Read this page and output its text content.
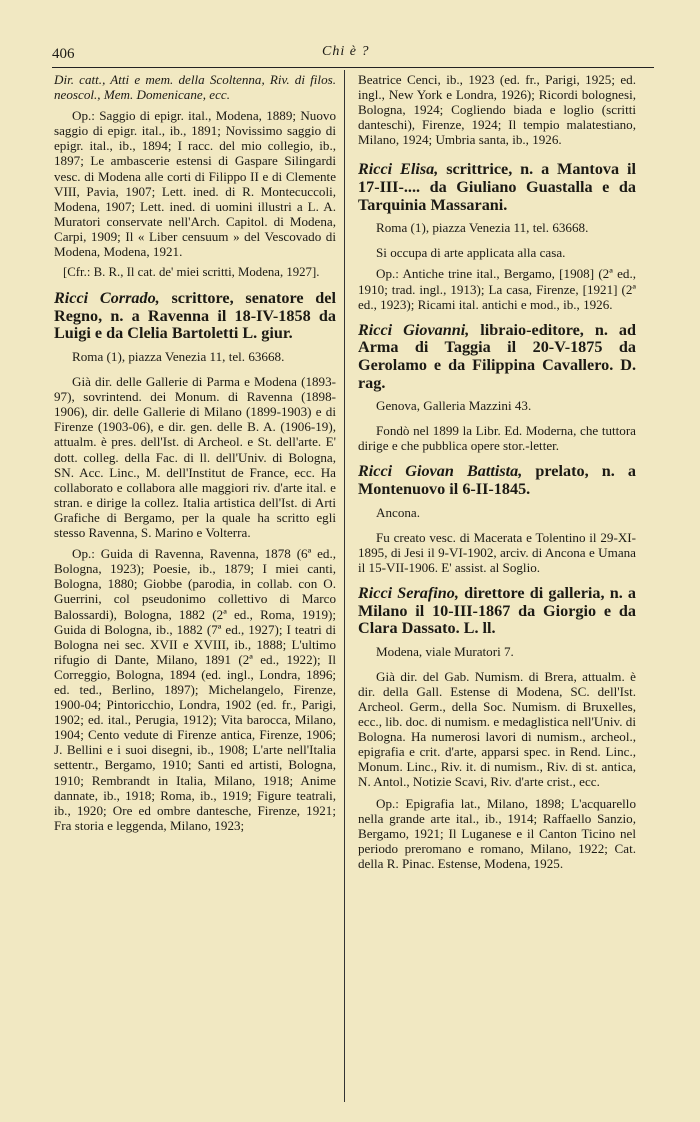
406	Chi è ?

Dir. catt., Atti e mem. della Scoltenna, Riv. di filos. neoscol., Mem. Domenicane, ecc.

Op.: Saggio di epigr. ital., Modena, 1889; Nuovo saggio di epigr. ital., ib., 1891; Novissimo saggio di epigr. ital., ib., 1894; I racc. del mio collegio, ib., 1897; Le ambascerie estensi di Gaspare Silingardi vesc. di Modena alle corti di Filippo II e di Clemente VIII, Pavia, 1907; Lett. ined. di R. Montecuccoli, Modena, 1907; Lett. ined. di uomini illustri a L. A. Muratori conservate nell'Arch. Capitol. di Modena, Carpi, 1909; Il « Liber censuum » del Vescovado di Modena, Modena, 1921.

[Cfr.: B. R., Il cat. de' miei scritti, Modena, 1927].

Ricci Corrado, scrittore, senatore del Regno, n. a Ravenna il 18-IV-1858 da Luigi e da Clelia Bartoletti L. giur.

Roma (1), piazza Venezia 11, tel. 63668.

Già dir. delle Gallerie di Parma e Modena (1893-97), sovrintend. dei Monum. di Ravenna (1898-1906), dir. delle Gallerie di Milano (1899-1903) e di Firenze (1903-06), e dir. gen. delle B. A. (1906-19), attualm. è pres. dell'Ist. di Archeol. e St. dell'arte. E' dott. colleg. della Fac. di ll. dell'Univ. di Bologna, SN. Acc. Linc., M. dell'Institut de France, ecc. Ha collaborato e collabora alle maggiori riv. d'arte ital. e stran. e dirige la collez. Italia artistica dell'Ist. di Arti Grafiche di Bergamo, per la quale ha scritto egli stesso Ravenna, S. Marino e Volterra.

Op.: Guida di Ravenna, Ravenna, 1878 (6ª ed., Bologna, 1923); Poesie, ib., 1879; I miei canti, Bologna, 1880; Giobbe (parodia, in collab. con O. Guerrini, col pseudonimo collettivo di Marco Balossardi), Bologna, 1882 (2ª ed., Roma, 1919); Guida di Bologna, ib., 1882 (7ª ed., 1927); I teatri di Bologna nei sec. XVII e XVIII, ib., 1888; L'ultimo rifugio di Dante, Milano, 1891 (2ª ed., 1922); Il Correggio, Bologna, 1894 (ed. ingl., Londra, 1896; ed. ted., Berlino, 1897); Michelangelo, Firenze, 1900-04; Pintoricchio, Londra, 1902 (ed. fr., Parigi, 1902; ed. ital., Perugia, 1912); Vita barocca, Milano, 1904; Cento vedute di Firenze antica, Firenze, 1906; J. Bellini e i suoi disegni, ib., 1908; L'arte nell'Italia settentr., Bergamo, 1910; Santi ed artisti, Bologna, 1910; Rembrandt in Italia, Milano, 1918; Anime dannate, ib., 1918; Roma, ib., 1919; Figure teatrali, ib., 1920; Ore ed ombre dantesche, Firenze, 1921; Fra storia e leggenda, Milano, 1923;

Beatrice Cenci, ib., 1923 (ed. fr., Parigi, 1925; ed. ingl., New York e Londra, 1926); Ricordi bolognesi, Bologna, 1924; Cogliendo biada e loglio (scritti danteschi), Firenze, 1924; Il tempio malatestiano, Milano, 1924; Umbria santa, ib., 1926.

Ricci Elisa, scrittrice, n. a Mantova il 17-III-.... da Giuliano Guastalla e da Tarquinia Massarani.

Roma (1), piazza Venezia 11, tel. 63668.

Si occupa di arte applicata alla casa.

Op.: Antiche trine ital., Bergamo, [1908] (2ª ed., 1910; trad. ingl., 1913); La casa, Firenze, [1921] (2ª ed., 1923); Ricami ital. antichi e mod., ib., 1926.

Ricci Giovanni, libraio-editore, n. ad Arma di Taggia il 20-V-1875 da Gerolamo e da Filippina Cavallero. D. rag.

Genova, Galleria Mazzini 43.

Fondò nel 1899 la Libr. Ed. Moderna, che tuttora dirige e che pubblica opere stor.-letter.

Ricci Giovan Battista, prelato, n. a Montenuovo il 6-II-1845.

Ancona.

Fu creato vesc. di Macerata e Tolentino il 29-XI-1895, di Jesi il 9-VI-1902, arciv. di Ancona e Umana il 15-VII-1906. E' assist. al Soglio.

Ricci Serafino, direttore di galleria, n. a Milano il 10-III-1867 da Giorgio e da Clara Dassato. L. ll.

Modena, viale Muratori 7.

Già dir. del Gab. Numism. di Brera, attualm. è dir. della Gall. Estense di Modena, SC. dell'Ist. Archeol. Germ., della Soc. Numism. di Bruxelles, ecc., lib. doc. di numism. e medaglistica nell'Univ. di Bologna. Ha numerosi lavori di numism., archeol., epigrafia e crit. d'arte, apparsi spec. in Rend. Linc., Monum. Linc., Riv. it. di numism., Riv. di st. antica, N. Antol., Notizie Scavi, Riv. d'arte crist., ecc.

Op.: Epigrafia lat., Milano, 1898; L'acquarello nella grande arte ital., ib., 1914; Raffaello Sanzio, Bergamo, 1921; Il Luganese e il Canton Ticino nel periodo preromano e romano, Milano, 1922; Cat. della R. Pinac. Estense, Modena, 1925.
